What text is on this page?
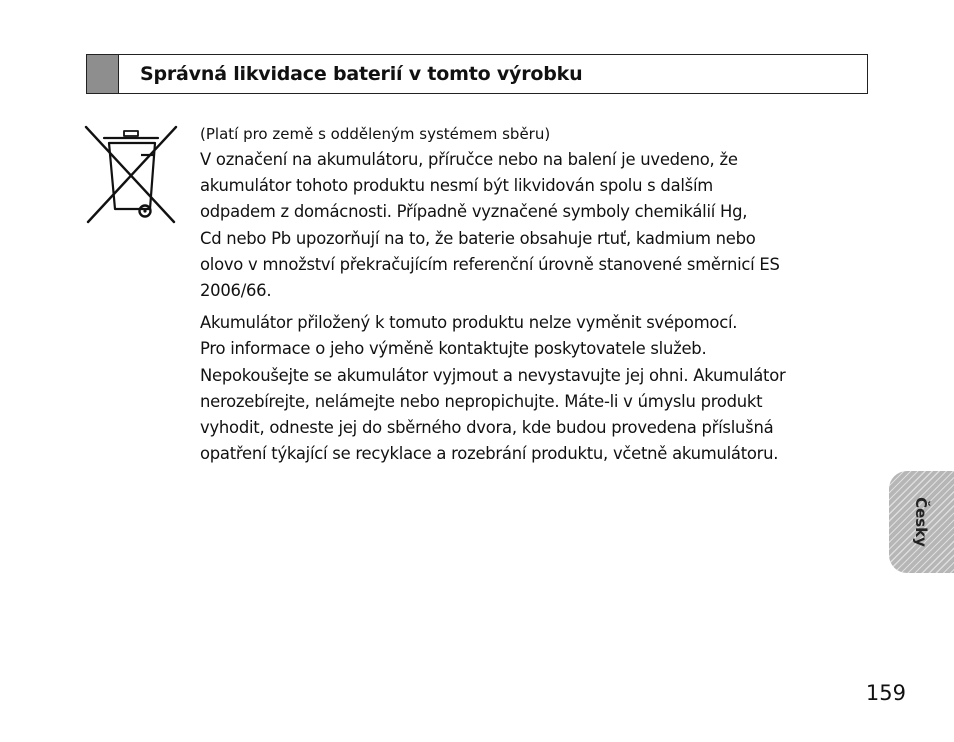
Správná likvidace baterií v tomto výrobku

(Platí pro země s odděleným systémem sběru)

V označení na akumulátoru, příručce nebo na balení je uvedeno, že
akumulátor tohoto produktu nesmí být likvidován spolu s dalším
odpadem z domácnosti. Případně vyznačené symboly chemikálií Hg,
Cd nebo Pb upozorňují na to, že baterie obsahuje rtuť, kadmium nebo
olovo v množství překračujícím referenční úrovně stanovené směrnicí ES
2006/66.

Akumulátor přiložený k tomuto produktu nelze vyměnit svépomocí.
Pro informace o jeho výměně kontaktujte poskytovatele služeb.
Nepokoušejte se akumulátor vyjmout a nevystavujte jej ohni. Akumulátor
nerozebírejte, nelámejte nebo nepropichujte. Máte-li v úmyslu produkt
vyhodit, odneste jej do sběrného dvora, kde budou provedena příslušná
opatření týkající se recyklace a rozebrání produktu, včetně akumulátoru.

Česky
159
